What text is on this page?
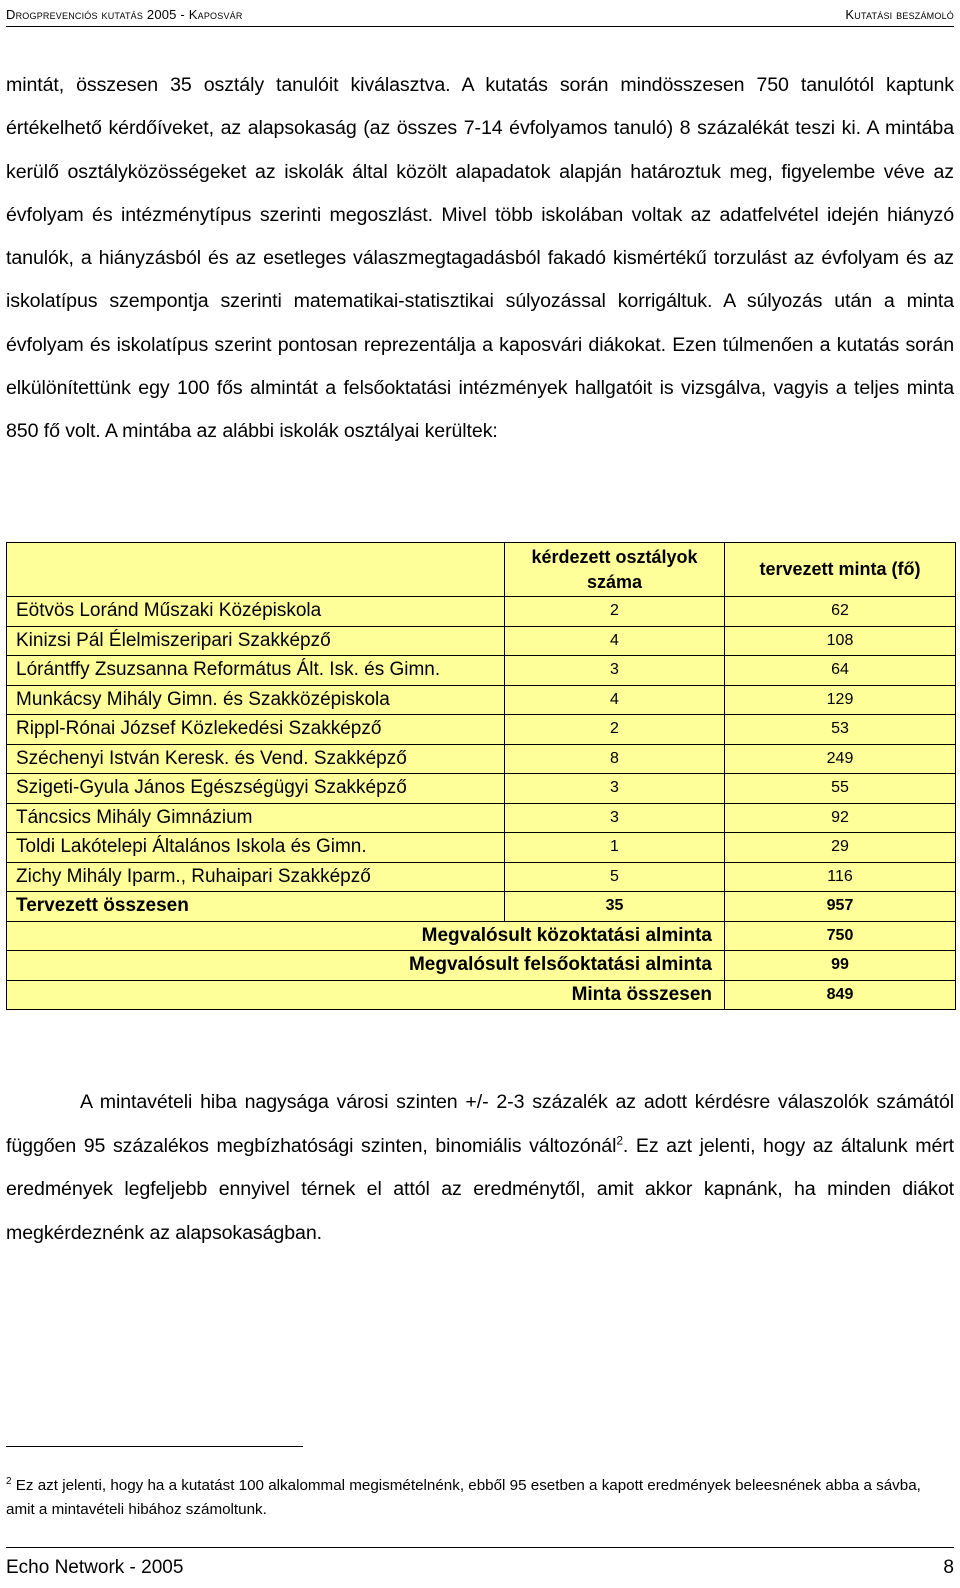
Drogprevenciós kutatás 2005 - Kaposvár	Kutatási beszámoló
mintát, összesen 35 osztály tanulóit kiválasztva. A kutatás során mindösszesen 750 tanulótól kaptunk értékelhető kérdőíveket, az alapsokaság (az összes 7-14 évfolyamos tanuló) 8 százalékát teszi ki. A mintába kerülő osztályközösségeket az iskolák által közölt alapadatok alapján határoztuk meg, figyelembe véve az évfolyam és intézménytípus szerinti megoszlást. Mivel több iskolában voltak az adatfelvétel idején hiányzó tanulók, a hiányzásból és az esetleges válaszmegtagadásból fakadó kismértékű torzulást az évfolyam és az iskolatípus szempontja szerinti matematikai-statisztikai súlyozással korrigáltuk. A súlyozás után a minta évfolyam és iskolatípus szerint pontosan reprezentálja a kaposvári diákokat. Ezen túlmenően a kutatás során elkülönítettünk egy 100 fős almintát a felsőoktatási intézmények hallgatóit is vizsgálva, vagyis a teljes minta 850 fő volt. A mintába az alábbi iskolák osztályai kerültek:
	kérdezett osztályok száma	tervezett minta (fő)
Eötvös Loránd Műszaki Középiskola	2	62
Kinizsi Pál Élelmiszeripari Szakképző	4	108
Lórántffy Zsuzsanna Református Ált. Isk. és Gimn.	3	64
Munkácsy Mihály Gimn. és Szakközépiskola	4	129
Rippl-Rónai József Közlekedési Szakképző	2	53
Széchenyi István Keresk. és Vend. Szakképző	8	249
Szigeti-Gyula János Egészségügyi Szakképző	3	55
Táncsics Mihály Gimnázium	3	92
Toldi Lakótelepi Általános Iskola és Gimn.	1	29
Zichy Mihály Iparm., Ruhaipari Szakképző	5	116
Tervezett összesen	35	957
Megvalósult közoktatási alminta		750
Megvalósult felsőoktatási alminta		99
Minta összesen		849
A mintavételi hiba nagysága városi szinten +/- 2-3 százalék az adott kérdésre válaszolók számától függően 95 százalékos megbízhatósági szinten, binomiális változónál$^2$. Ez azt jelenti, hogy az általunk mért eredmények legfeljebb ennyivel térnek el attól az eredménytől, amit akkor kapnánk, ha minden diákot megkérdeznénk az alapsokaságban.
$^2$ Ez azt jelenti, hogy ha a kutatást 100 alkalommal megismételnénk, ebből 95 esetben a kapott eredmények beleesnének abba a sávba, amit a mintavételi hibához számoltunk.
Echo Network - 2005	8
